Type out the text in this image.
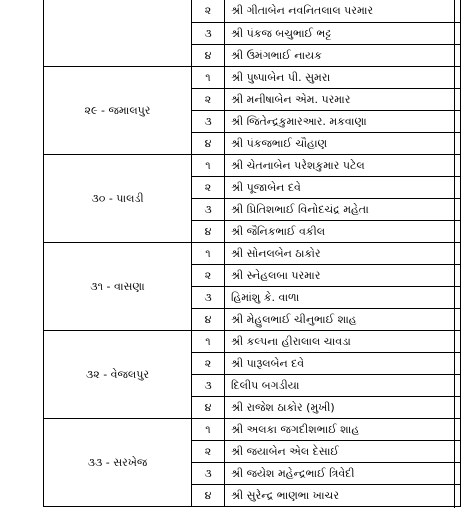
	૨	શ્રી ગીતાબેન નવનિતલાલ પરમાર
	૩	શ્રી પંકજ બચુભાઈ ભટ્ટ
	૪	શ્રી ઉમંગભાઈ નાયક
૨૯ - જમાલપુર	૧	શ્રી પુષ્પાબેન પી. સુમરા
	૨	શ્રી મનીષાબેન એમ. પરમાર
	૩	શ્રી જિતેન્દ્રકુમારઆર. મકવાણા
	૪	શ્રી પંકજભાઈ ચૌહાણ
૩૦ - પાલડી	૧	શ્રી ચેતનાબેન પરેશકુમાર પટેલ
	૨	શ્રી પૂજાબેન દવે
	૩	શ્રી પ્રિતિશભાઈ વિનોદચંદ્ર મહેતા
	૪	શ્રી જૈનિકભાઈ વકીલ
૩૧ - વાસણા	૧	શ્રી સોનલબેન ઠાકોર
	૨	શ્રી સ્નેહલબા પરમાર
	૩	હિમાંશુ કે. વાળા
	૪	શ્રી મેહુલભાઈ ચીનુભાઈ શાહ
૩૨ - વેજલપુર	૧	શ્રી કલ્પના હીરાલાલ ચાવડા
	૨	શ્રી પારૂલબેન દવે
	૩	દિલીપ બગડીયા
	૪	શ્રી રાજેશ ઠાકોર (મુખી)
૩૩ - સરખેજ	૧	શ્રી અલકા જગદીશભાઈ શાહ
	૨	શ્રી જયાબેન એલ દેસાઈ
	૩	શ્રી જયેશ મહેન્દ્રભાઈ ત્રિવેદી
	૪	શ્રી સુરેન્દ્ર ભાણભા ખાચર
